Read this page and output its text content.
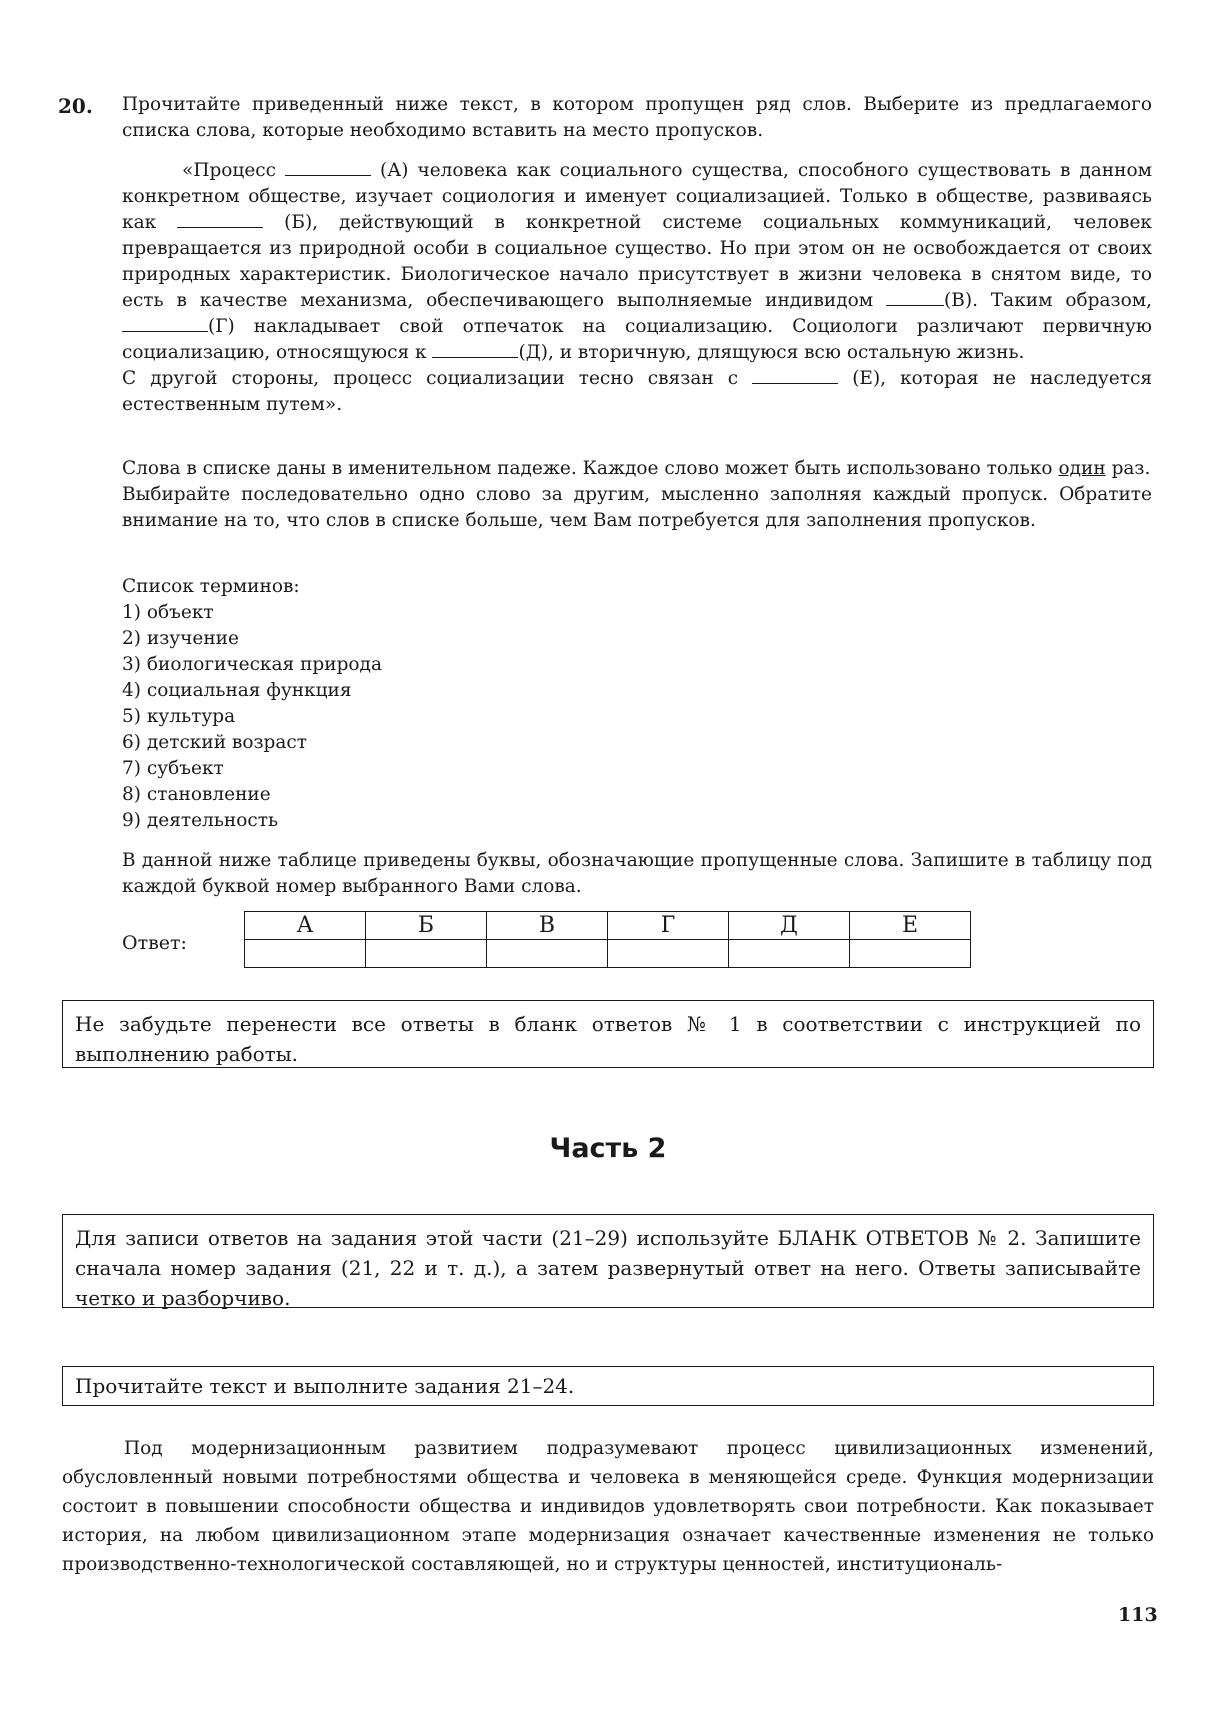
20. Прочитайте приведенный ниже текст, в котором пропущен ряд слов. Выберите из предлагаемого списка слова, которые необходимо вставить на место пропусков.

«Процесс	(А) человека как социального существа, способного существовать в данном конкретном обществе, изучает социология и именует социализацией. Только в обществе, развиваясь как	(Б), действующий в конкретной системе социальных коммуникаций, человек превращается из природной особи в социальное существо. Но при этом он не освобождается от своих природных характеристик. Биологическое начало присутствует в жизни человека в снятом виде, то есть в качестве механизма, обеспечивающего выполняемые индивидом	(В). Таким образом, (Г) накладывает свой отпечаток на социализацию. Социологи различают первичную социализацию, относящуюся к	(Д), и вторичную, длящуюся всю остальную жизнь.

С другой стороны, процесс социализации тесно связан с	(Е), которая не наследуется естественным путем».

Слова в списке даны в именительном падеже. Каждое слово может быть использовано только один раз.

Выбирайте последовательно одно слово за другим, мысленно заполняя каждый пропуск. Обратите внимание на то, что слов в списке больше, чем Вам потребуется для заполнения пропусков.

Список терминов:
1) объект
2) изучение
3) биологическая природа
4) социальная функция
5) культура
6) детский возраст
7) субъект
8) становление
9) деятельность
В данной ниже таблице приведены буквы, обозначающие пропущенные слова. Запишите в таблицу под каждой буквой номер выбранного Вами слова.
Ответ:
А	Б	В	Г	Д	Е

Не забудьте перенести все ответы в бланк ответов № 1 в соответствии с инструкцией по выполнению работы.
Часть 2
Для записи ответов на задания этой части (21–29) используйте БЛАНК ОТВЕТОВ № 2. Запишите сначала номер задания (21, 22 и т. д.), а затем развернутый ответ на него. Ответы записывайте четко и разборчиво.
Прочитайте текст и выполните задания 21–24.

Под модернизационным развитием подразумевают процесс цивилизационных изменений, обусловленный новыми потребностями общества и человека в меняющейся среде. Функция модернизации состоит в повышении способности общества и индивидов удовлетворять свои потребности. Как показывает история, на любом цивилизационном этапе модернизация означает качественные изменения не только производственно-технологической составляющей, но и структуры ценностей, институциональ-

113
